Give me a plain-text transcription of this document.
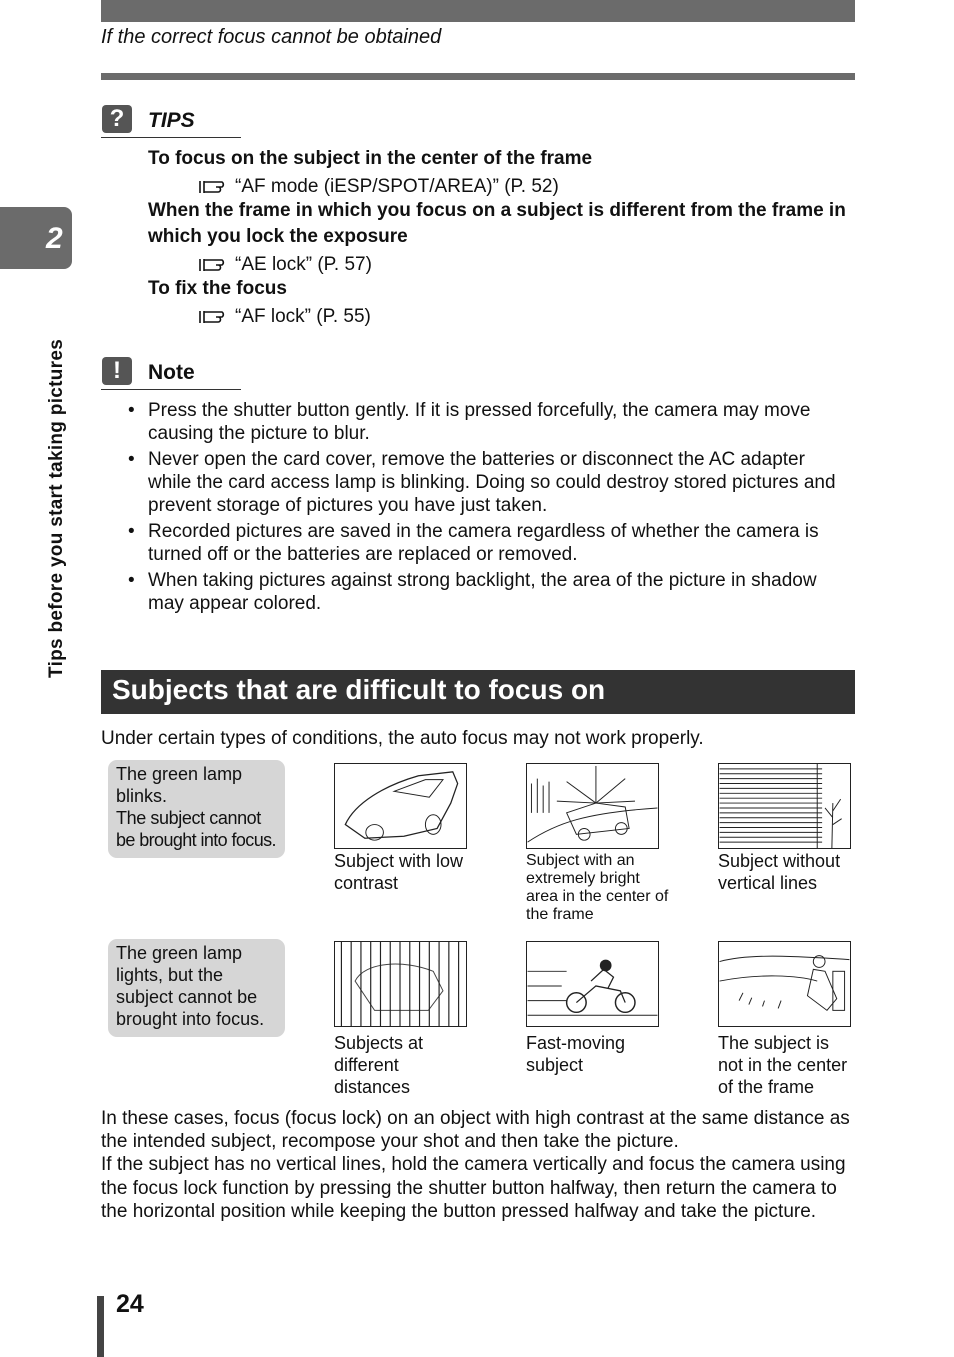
If the correct focus cannot be obtained
2
Tips before you start taking pictures
?	TIPS
To focus on the subject in the center of the frame
“AF mode (iESP/SPOT/AREA)” (P. 52)
When the frame in which you focus on a subject is different from the frame in which you lock the exposure
“AE lock” (P. 57)
To fix the focus
“AF lock” (P. 55)
!	Note
• Press the shutter button gently. If it is pressed forcefully, the camera may move causing the picture to blur.
• Never open the card cover, remove the batteries or disconnect the AC adapter while the card access lamp is blinking. Doing so could destroy stored pictures and prevent storage of pictures you have just taken.
• Recorded pictures are saved in the camera regardless of whether the camera is turned off or the batteries are replaced or removed.
• When taking pictures against strong backlight, the area of the picture in shadow may appear colored.
Subjects that are difficult to focus on
Under certain types of conditions, the auto focus may not work properly.
The green lamp
blinks.
The subject cannot
be brought into focus.
Subject with low contrast
Subject with an extremely bright area in the center of the frame
Subject without vertical lines
The green lamp lights, but the subject cannot be brought into focus.
Subjects at different distances
Fast-moving subject
The subject is not in the center of the frame
In these cases, focus (focus lock) on an object with high contrast at the same distance as the intended subject, recompose your shot and then take the picture.
If the subject has no vertical lines, hold the camera vertically and focus the camera using the focus lock function by pressing the shutter button halfway, then return the camera to the horizontal position while keeping the button pressed halfway and take the picture.
24
